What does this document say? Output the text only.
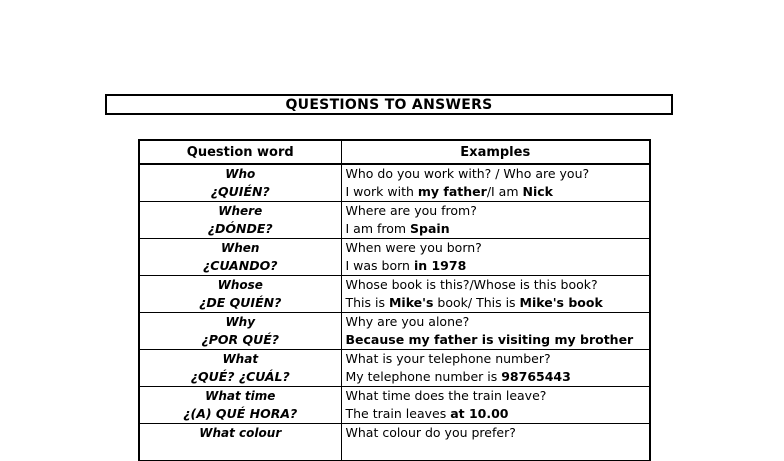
QUESTIONS TO ANSWERS
Question word	Examples

Who
¿QUIÉN?	Who do you work with? / Who are you?
I work with my father/I am Nick

Where
¿DÓNDE?	Where are you from?
I am from Spain

When
¿CUANDO?	When were you born?
I was born in 1978

Whose
¿DE QUIÉN?	Whose book is this?/Whose is this book?
This is Mike's book/ This is Mike's book

Why
¿POR QUÉ?	Why are you alone?
Because my father is visiting my brother

What
¿QUÉ? ¿CUÁL?	What is your telephone number?
My telephone number is 98765443

What time
¿(A) QUÉ HORA?	What time does the train leave?
The train leaves at 10.00

What colour	What colour do you prefer?
